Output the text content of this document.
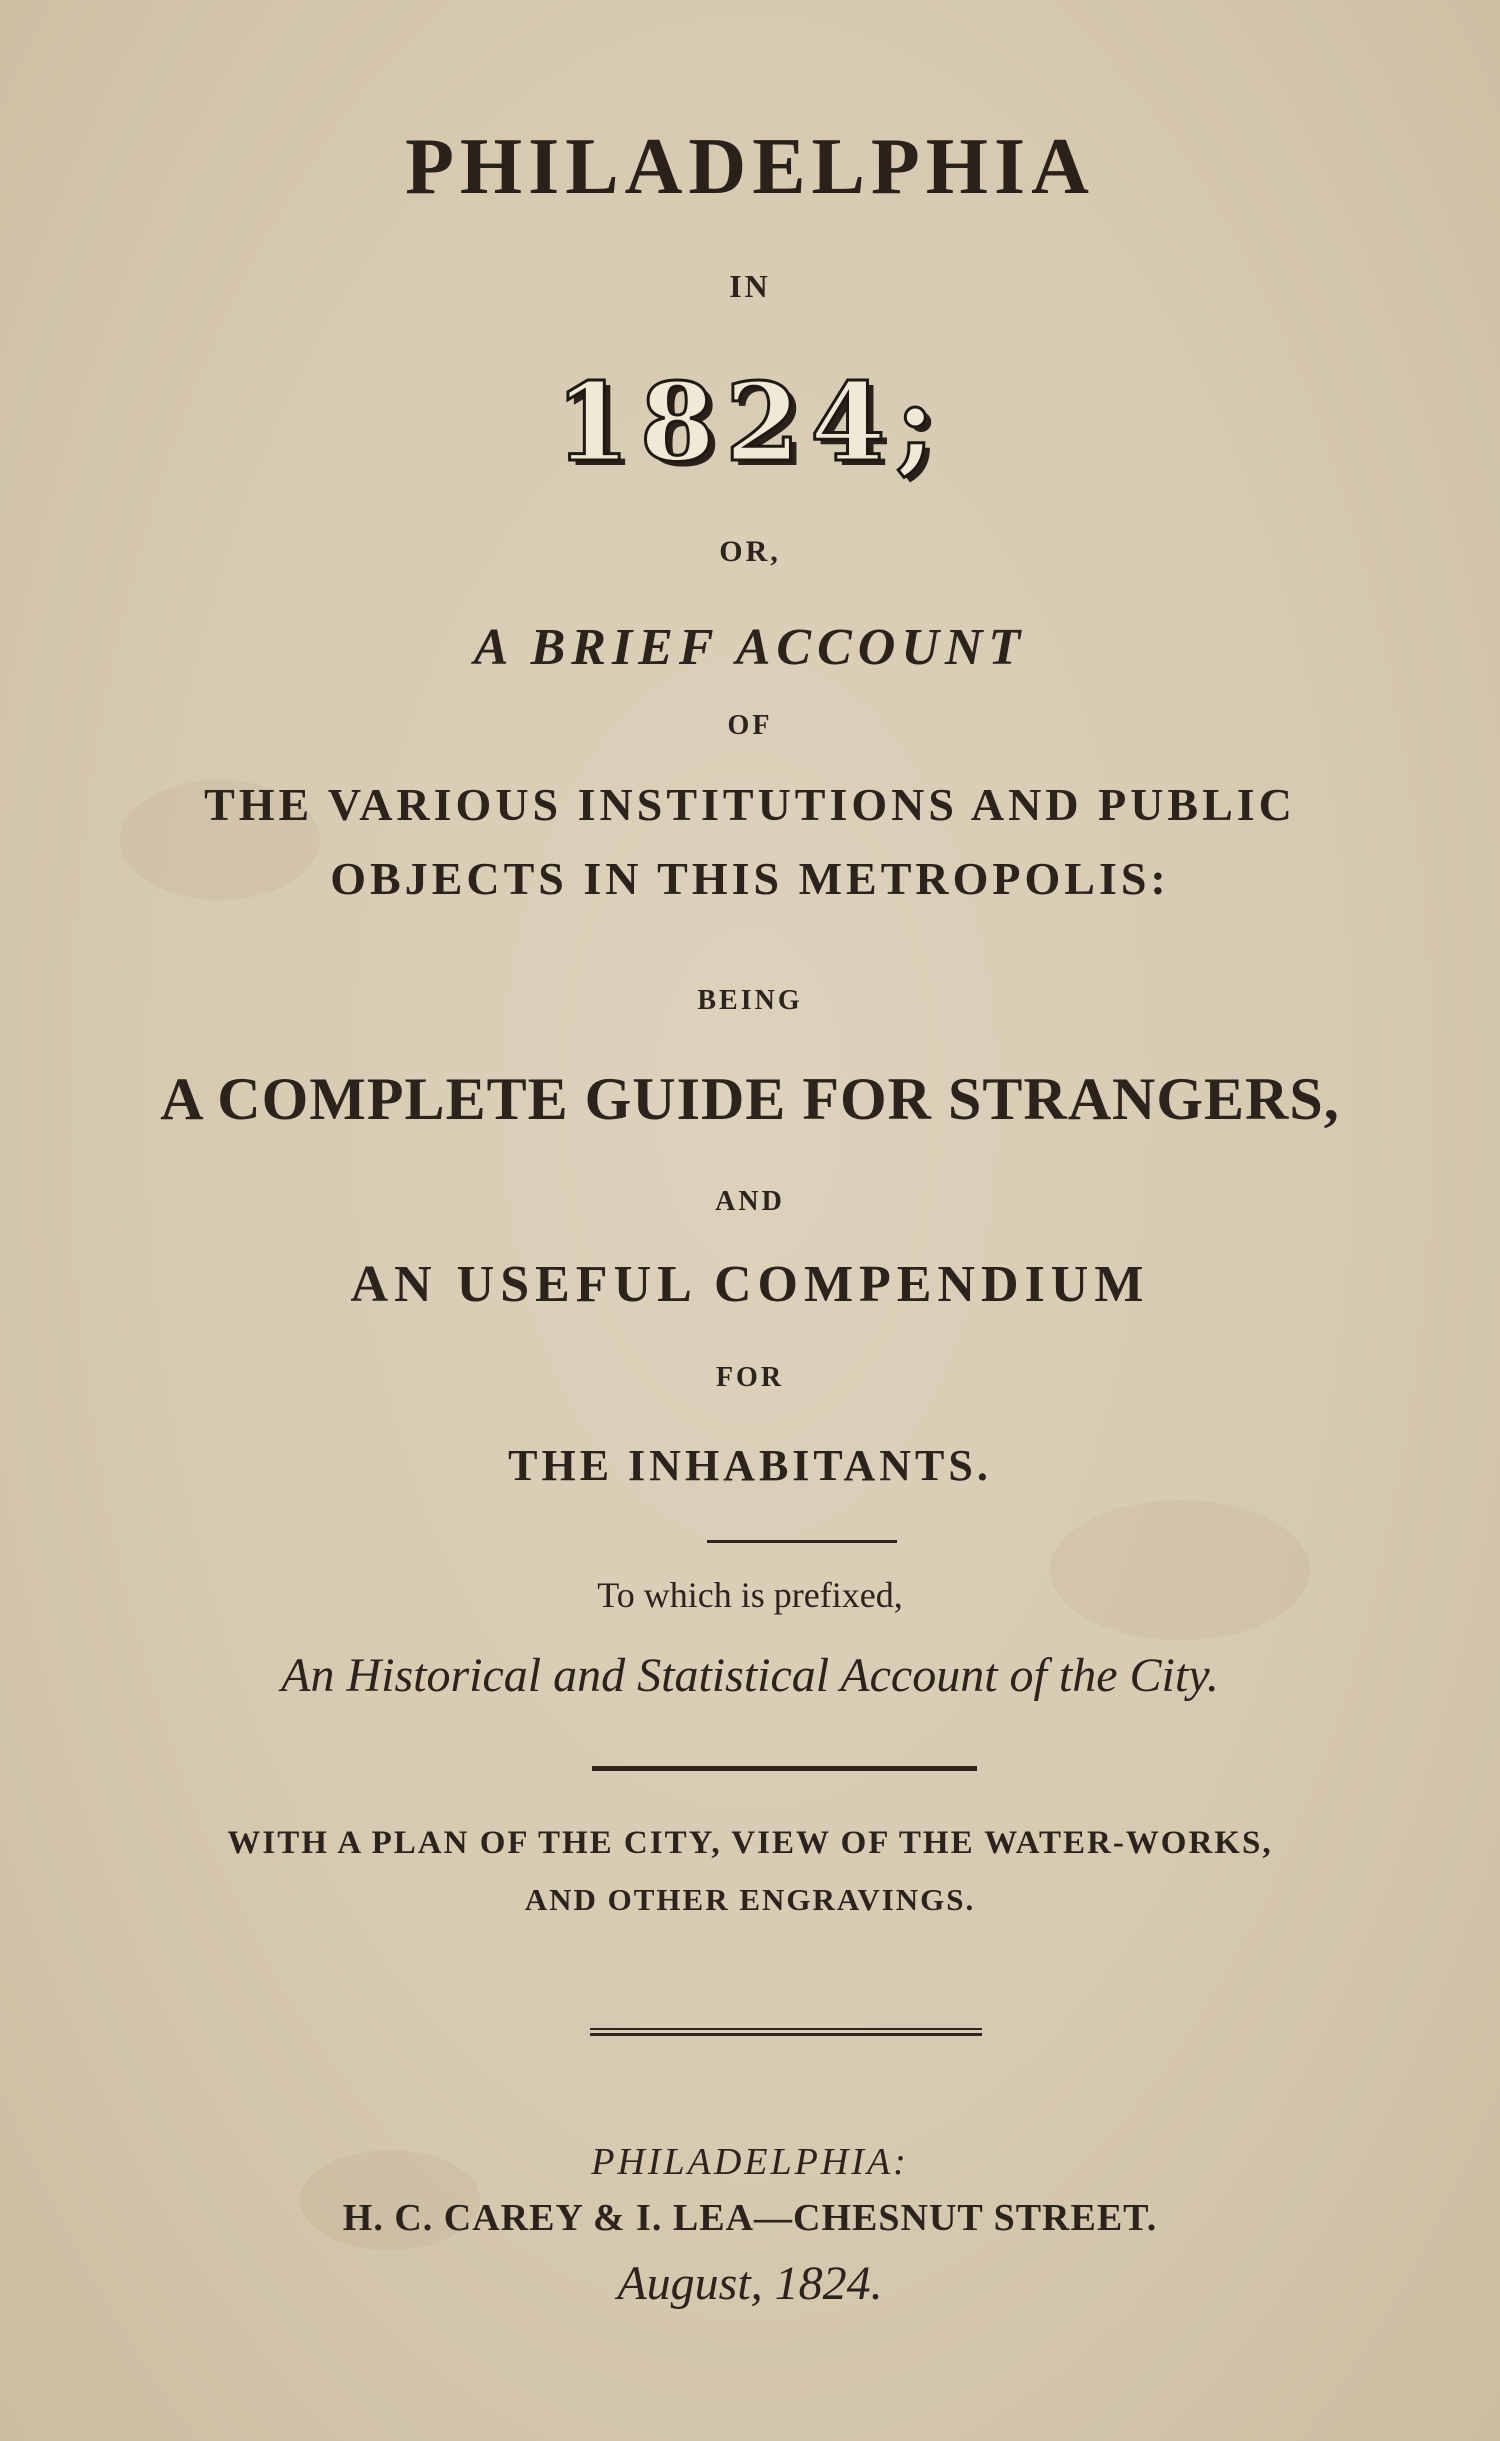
PHILADELPHIA
IN
1824;
OR,
A BRIEF ACCOUNT
OF
THE VARIOUS INSTITUTIONS AND PUBLIC
OBJECTS IN THIS METROPOLIS:
BEING
A COMPLETE GUIDE FOR STRANGERS,
AND
AN USEFUL COMPENDIUM
FOR
THE INHABITANTS.
To which is prefixed,
An Historical and Statistical Account of the City.
WITH A PLAN OF THE CITY, VIEW OF THE WATER-WORKS,
AND OTHER ENGRAVINGS.
PHILADELPHIA:
H. C. CAREY & I. LEA—CHESNUT STREET.
August, 1824.
